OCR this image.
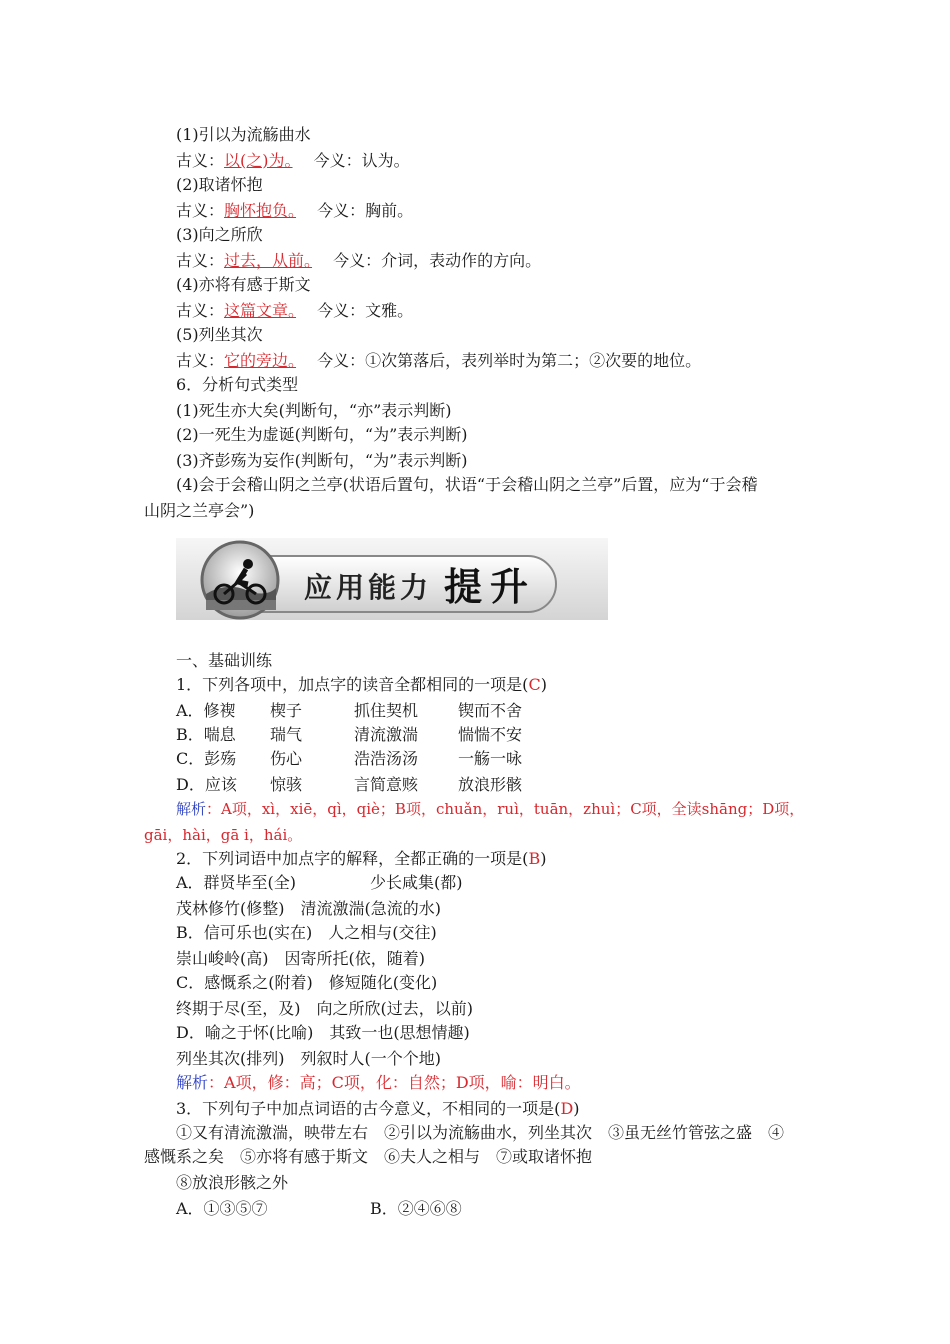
(1)引以为流觞曲水
古义：以(之)为。　 今义：认为。
(2)取诸怀抱
古义：胸怀抱负。　 今义：胸前。
(3)向之所欣
古义：过去，从前。　 今义：介词，表动作的方向。
(4)亦将有感于斯文
古义：这篇文章。　 今义：文雅。
(5)列坐其次
古义：它的旁边。　 今义：①次第落后，表列举时为第二；②次要的地位。
6．分析句式类型
(1)死生亦大矣(判断句，“亦”表示判断)
(2)一死生为虚诞(判断句，“为”表示判断)
(3)齐彭殇为妄作(判断句，“为”表示判断)
(4)会于会稽山阴之兰亭(状语后置句，状语“于会稽山阴之兰亭”后置，应为“于会稽
山阴之兰亭会”)
应用能力 提升
一、基础训练
1．下列各项中，加点字的读音全都相同的一项是(C)
A．修褉 楔子	抓住契机 锲而不舍
B．喘息 瑞气	清流激湍 惴惴不安
C．彭殇 伤心	浩浩汤汤 一觞一咏
D．应该 惊骇	言简意赅 放浪形骸
解析：A项，xì，xiē，qì，qiè；B项，chuǎn，ruì，tuān，zhuì；C项，全读shāng；D项，
gāi，hài，gā i，hái。
2．下列词语中加点字的解释，全都正确的一项是(B)
A．群贤毕至(全)	少长咸集(都)
茂林修竹(修整)　清流激湍(急流的水)
B．信可乐也(实在)　人之相与(交往)
崇山峻岭(高)　因寄所托(依，随着)
C．感慨系之(附着)　修短随化(变化)
终期于尽(至，及)　向之所欣(过去，以前)
D．喻之于怀(比喻)　其致一也(思想情趣)
列坐其次(排列)　列叙时人(一个个地)
解析：A项，修：高；C项，化：自然；D项，喻：明白。
3．下列句子中加点词语的古今意义，不相同的一项是(D)
①又有清流激湍，映带左右　②引以为流觞曲水，列坐其次　③虽无丝竹管弦之盛　④
感慨系之矣　⑤亦将有感于斯文　⑥夫人之相与　⑦或取诸怀抱
⑧放浪形骸之外
A．①③⑤⑦	B．②④⑥⑧
